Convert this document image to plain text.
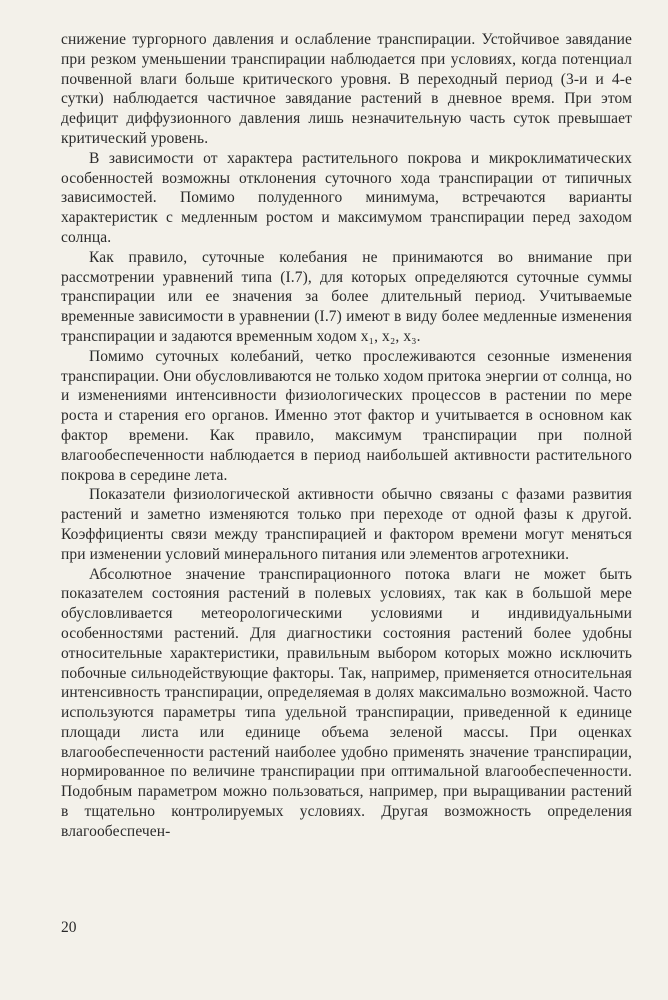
снижение тургорного давления и ослабление транспирации. Устойчивое завядание при резком уменьшении транспирации наблюдается при условиях, когда потенциал почвенной влаги больше критического уровня. В переходный период (3-и и 4-е сутки) наблюдается частичное завядание растений в дневное время. При этом дефицит диффузионного давления лишь незначительную часть суток превышает критический уровень.

В зависимости от характера растительного покрова и микроклиматических особенностей возможны отклонения суточного хода транспирации от типичных зависимостей. Помимо полуденного минимума, встречаются варианты характеристик с медленным ростом и максимумом транспирации перед заходом солнца.

Как правило, суточные колебания не принимаются во внимание при рассмотрении уравнений типа (I.7), для которых определяются суточные суммы транспирации или ее значения за более длительный период. Учитываемые временные зависимости в уравнении (I.7) имеют в виду более медленные изменения транспирации и задаются временным ходом x₁, x₂, x₃.

Помимо суточных колебаний, четко прослеживаются сезонные изменения транспирации. Они обусловливаются не только ходом притока энергии от солнца, но и изменениями интенсивности физиологических процессов в растении по мере роста и старения его органов. Именно этот фактор и учитывается в основном как фактор времени. Как правило, максимум транспирации при полной влагообеспеченности наблюдается в период наибольшей активности растительного покрова в середине лета.

Показатели физиологической активности обычно связаны с фазами развития растений и заметно изменяются только при переходе от одной фазы к другой. Коэффициенты связи между транспирацией и фактором времени могут меняться при изменении условий минерального питания или элементов агротехники.

Абсолютное значение транспирационного потока влаги не может быть показателем состояния растений в полевых условиях, так как в большой мере обусловливается метеорологическими условиями и индивидуальными особенностями растений. Для диагностики состояния растений более удобны относительные характеристики, правильным выбором которых можно исключить побочные сильнодействующие факторы. Так, например, применяется относительная интенсивность транспирации, определяемая в долях максимально возможной. Часто используются параметры типа удельной транспирации, приведенной к единице площади листа или единице объема зеленой массы. При оценках влагообеспеченности растений наиболее удобно применять значение транспирации, нормированное по величине транспирации при оптимальной влагообеспеченности. Подобным параметром можно пользоваться, например, при выращивании растений в тщательно контролируемых условиях. Другая возможность определения влагообеспечен-

20
